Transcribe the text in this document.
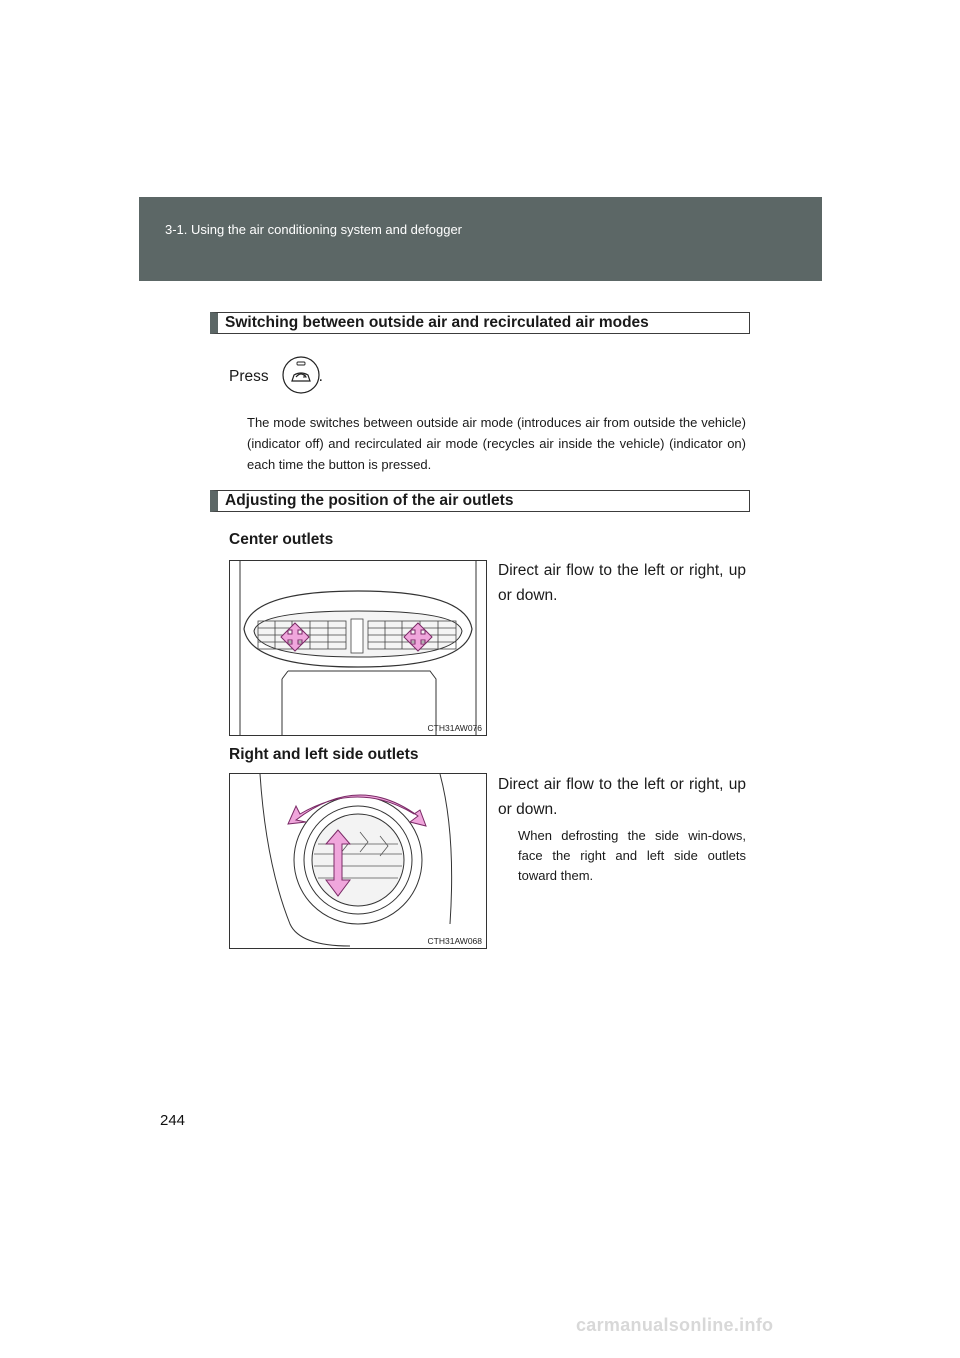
3-1. Using the air conditioning system and defogger
Switching between outside air and recirculated air modes
Press	.
The mode switches between outside air mode (introduces air from outside the vehicle) (indicator off) and recirculated air mode (recycles air inside the vehicle) (indicator on) each time the button is pressed.
Adjusting the position of the air outlets
Center outlets
Direct air flow to the left or right, up or down.
CTH31AW076
Right and left side outlets
Direct air flow to the left or right, up or down.
When defrosting the side win-dows, face the right and left side outlets toward them.
CTH31AW068
244
carmanualsonline.info
